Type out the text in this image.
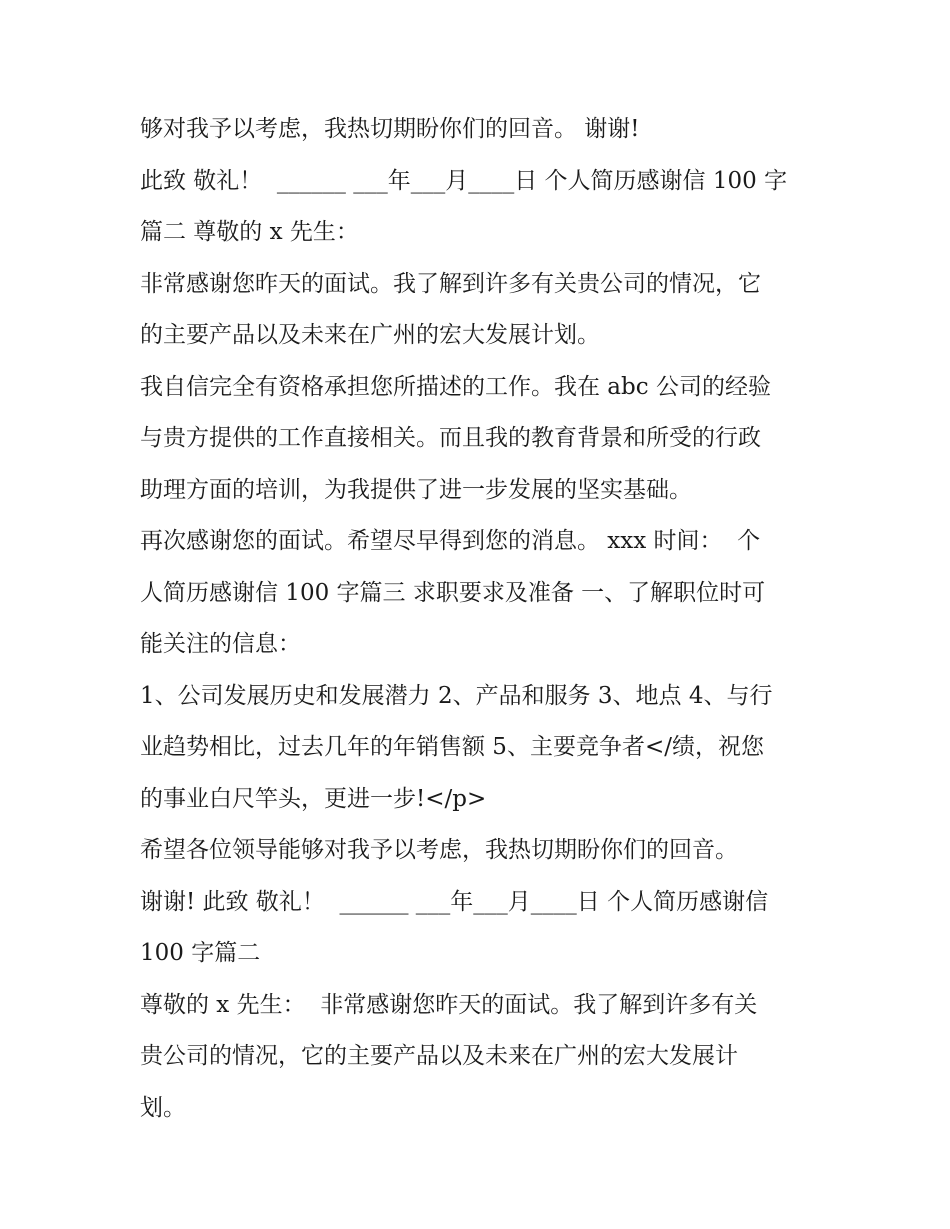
够对我予以考虑，我热切期盼你们的回音。 谢谢!
此致 敬礼！  ______ ___年___月____日 个人简历感谢信 100 字
篇二 尊敬的 x 先生：
非常感谢您昨天的面试。我了解到许多有关贵公司的情况，它
的主要产品以及未来在广州的宏大发展计划。
我自信完全有资格承担您所描述的工作。我在 abc 公司的经验
与贵方提供的工作直接相关。而且我的教育背景和所受的行政
助理方面的培训，为我提供了进一步发展的坚实基础。
再次感谢您的面试。希望尽早得到您的消息。 xxx 时间：  个
人简历感谢信 100 字篇三 求职要求及准备 一、了解职位时可
能关注的信息：
1、公司发展历史和发展潜力 2、产品和服务 3、地点 4、与行
业趋势相比，过去几年的年销售额 5、主要竞争者</绩，祝您
的事业白尺竿头，更进一步!</p>
希望各位领导能够对我予以考虑，我热切期盼你们的回音。
谢谢! 此致 敬礼！  ______ ___年___月____日 个人简历感谢信
100 字篇二
尊敬的 x 先生：  非常感谢您昨天的面试。我了解到许多有关
贵公司的情况，它的主要产品以及未来在广州的宏大发展计
划。
